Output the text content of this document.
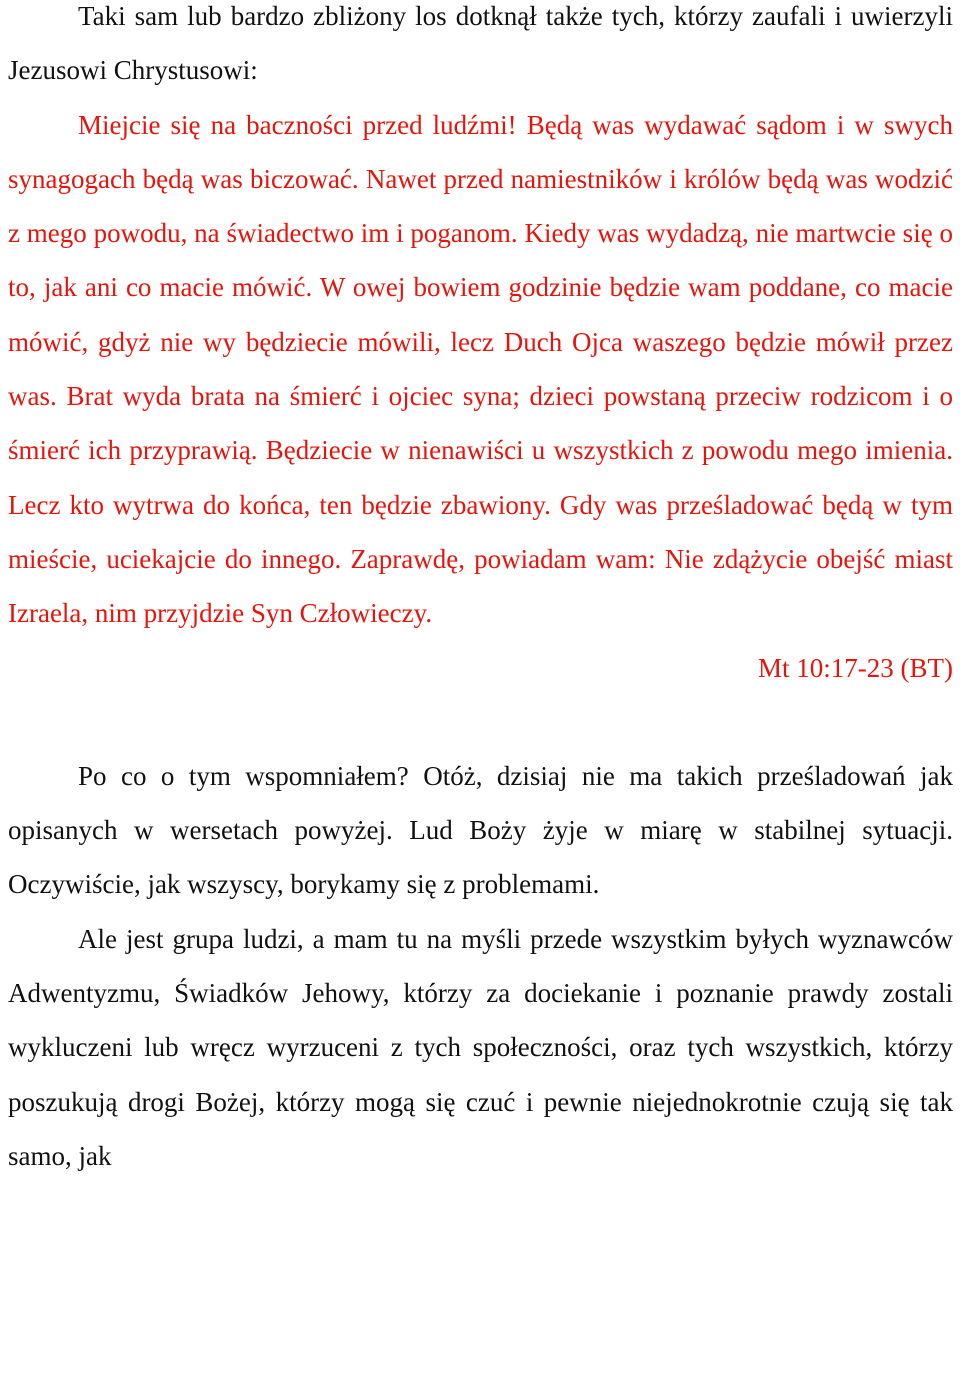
Taki sam lub bardzo zbliżony los dotknął także tych, którzy zaufali i uwierzyli Jezusowi Chrystusowi:

Miejcie się na baczności przed ludźmi! Będą was wydawać sądom i w swych synagogach będą was biczować. Nawet przed namiestników i królów będą was wodzić z mego powodu, na świadectwo im i poganom. Kiedy was wydadzą, nie martwcie się o to, jak ani co macie mówić. W owej bowiem godzinie będzie wam poddane, co macie mówić, gdyż nie wy będziecie mówili, lecz Duch Ojca waszego będzie mówił przez was. Brat wyda brata na śmierć i ojciec syna; dzieci powstaną przeciw rodzicom i o śmierć ich przyprawią. Będziecie w nienawiści u wszystkich z powodu mego imienia. Lecz kto wytrwa do końca, ten będzie zbawiony. Gdy was prześladować będą w tym mieście, uciekajcie do innego. Zaprawdę, powiadam wam: Nie zdążycie obejść miast Izraela, nim przyjdzie Syn Człowieczy.

Mt 10:17-23 (BT)

Po co o tym wspomniałem? Otóż, dzisiaj nie ma takich prześladowań jak opisanych w wersetach powyżej. Lud Boży żyje w miarę w stabilnej sytuacji. Oczywiście, jak wszyscy, borykamy się z problemami.

Ale jest grupa ludzi, a mam tu na myśli przede wszystkim byłych wyznawców Adwentyzmu, Świadków Jehowy, którzy za dociekanie i poznanie prawdy zostali wykluczeni lub wręcz wyrzuceni z tych społeczności, oraz tych wszystkich, którzy poszukują drogi Bożej, którzy mogą się czuć i pewnie niejednokrotnie czują się tak samo, jak
